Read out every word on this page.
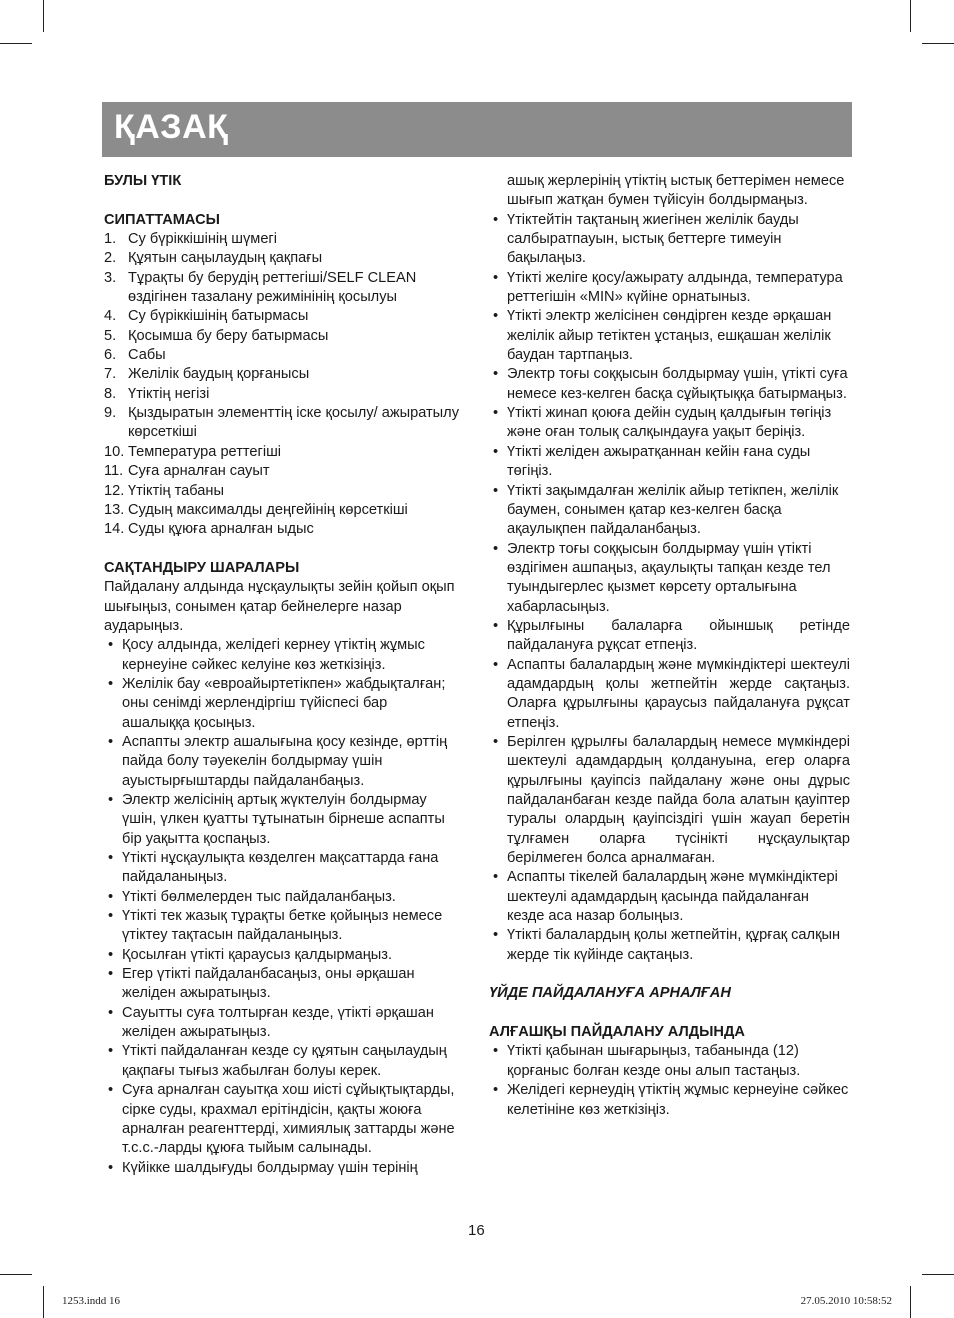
ҚАЗАҚ
БУЛЫ ҮТІК
СИПАТТАМАСЫ
1. Су бүріккішінің шүмегі
2. Құятын саңылаудың қақпағы
3. Тұрақты бу берудің реттегіші/SELF CLEAN өздігінен тазалану режимінінің қосылуы
4. Су бүріккішінің батырмасы
5. Қосымша бу беру батырмасы
6. Сабы
7. Желілік баудың қорғанысы
8. Үтіктің негізі
9. Қыздыратын элементтің іске қосылу/ ажыратылу көрсеткіші
10. Температура реттегіші
11. Суға арналған сауыт
12. Үтіктің табаны
13. Судың максималды деңгейінің көрсеткіші
14. Суды құюға арналған ыдыс
САҚТАНДЫРУ ШАРАЛАРЫ
Пайдалану алдында нұсқаулықты зейін қойып оқып шығыңыз, сонымен қатар бейнелерге назар аударыңыз.
• Қосу алдында, желідегі кернеу үтіктің жұмыс кернеуіне сәйкес келуіне көз жеткізіңіз.
• Желілік бау «евроайыртетікпен» жабдықталған; оны сенімді жерлендіргіш түйіспесі бар ашалыққа қосыңыз.
• Аспапты электр ашалығына қосу кезінде, өрттің пайда болу тәуекелін болдырмау үшін ауыстырғыштарды пайдаланбаңыз.
• Электр желісінің артық жүктелуін болдырмау үшін, үлкен қуатты тұтынатын бірнеше аспапты бір уақытта қоспаңыз.
• Үтікті нұсқаулықта көзделген мақсаттарда ғана пайдаланыңыз.
• Үтікті бөлмелерден тыс пайдаланбаңыз.
• Үтікті тек жазық тұрақты бетке қойыңыз немесе үтіктеу тақтасын пайдаланыңыз.
• Қосылған үтікті қараусыз қалдырмаңыз.
• Егер үтікті пайдаланбасаңыз, оны әрқашан желіден ажыратыңыз.
• Сауытты суға толтырған кезде, үтікті әрқашан желіден ажыратыңыз.
• Үтікті пайдаланған кезде су құятын саңылаудың қақпағы тығыз жабылған болуы керек.
• Суға арналған сауытқа хош иісті сұйықтықтарды, сірке суды, крахмал ерітіндісін, қақты жоюға арналған реагенттерді, химиялық заттарды және т.с.с.-ларды құюға тыйым салынады.
• Күйікке шалдығуды болдырмау үшін терінің
ашық жерлерінің үтіктің ыстық беттерімен немесе шығып жатқан бумен түйісуін болдырмаңыз.
• Үтіктейтін тақтаның жиегінен желілік бауды салбыратпауын, ыстық беттерге тимеуін бақылаңыз.
• Үтікті желіге қосу/ажырату алдында, температура реттегішін «MIN» күйіне орнатыныз.
• Үтікті электр желісінен сөндірген кезде әрқашан желілік айыр тетіктен ұстаңыз, ешқашан желілік баудан тартпаңыз.
• Электр тоғы соққысын болдырмау үшін, үтікті суға немесе кез-келген басқа сұйықтыққа батырмаңыз.
• Үтікті жинап қоюға дейін судың қалдығын төгіңіз және оған толық салқындауға уақыт беріңіз.
• Үтікті желіден ажыратқаннан кейін ғана суды төгіңіз.
• Үтікті зақымдалған желілік айыр тетікпен, желілік баумен, сонымен қатар кез-келген басқа ақаулықпен пайдаланбаңыз.
• Электр тоғы соққысын болдырмау үшін үтікті өздігімен ашпаңыз, ақаулықты тапқан кезде тел туындыгерлес қызмет көрсету орталығына хабарласыңыз.
• Құрылғыны балаларға ойыншық ретінде пайдалануға рұқсат етпеңіз.
• Аспапты балалардың және мүмкіндіктері шектеулі адамдардың қолы жетпейтін жерде сақтаңыз. Оларға құрылғыны қараусыз пайдалануға рұқсат етпеңіз.
• Берілген құрылғы балалардың немесе мүмкіндері шектеулі адамдардың қолдануына, егер оларға құрылғыны қауіпсіз пайдалану және оны дұрыс пайдаланбаған кезде пайда бола алатын қауіптер туралы олардың қауіпсіздігі үшін жауап беретін тұлғамен оларға түсінікті нұсқаулықтар берілмеген болса арналмаған.
• Аспапты тікелей балалардың және мүмкіндіктері шектеулі адамдардың қасында пайдаланған кезде аса назар болыңыз.
• Үтікті балалардың қолы жетпейтін, құрғақ салқын жерде тік күйінде сақтаңыз.
ҮЙДЕ ПАЙДАЛАНУҒА АРНАЛҒАН
АЛҒАШҚЫ ПАЙДАЛАНУ АЛДЫНДА
• Үтікті қабынан шығарыңыз, табанында (12) қорғаныс болған кезде оны алып тастаңыз.
• Желідегі кернеудің үтіктің жұмыс кернеуіне сәйкес келетініне көз жеткізіңіз.
16
1253.indd 16	27.05.2010 10:58:52
